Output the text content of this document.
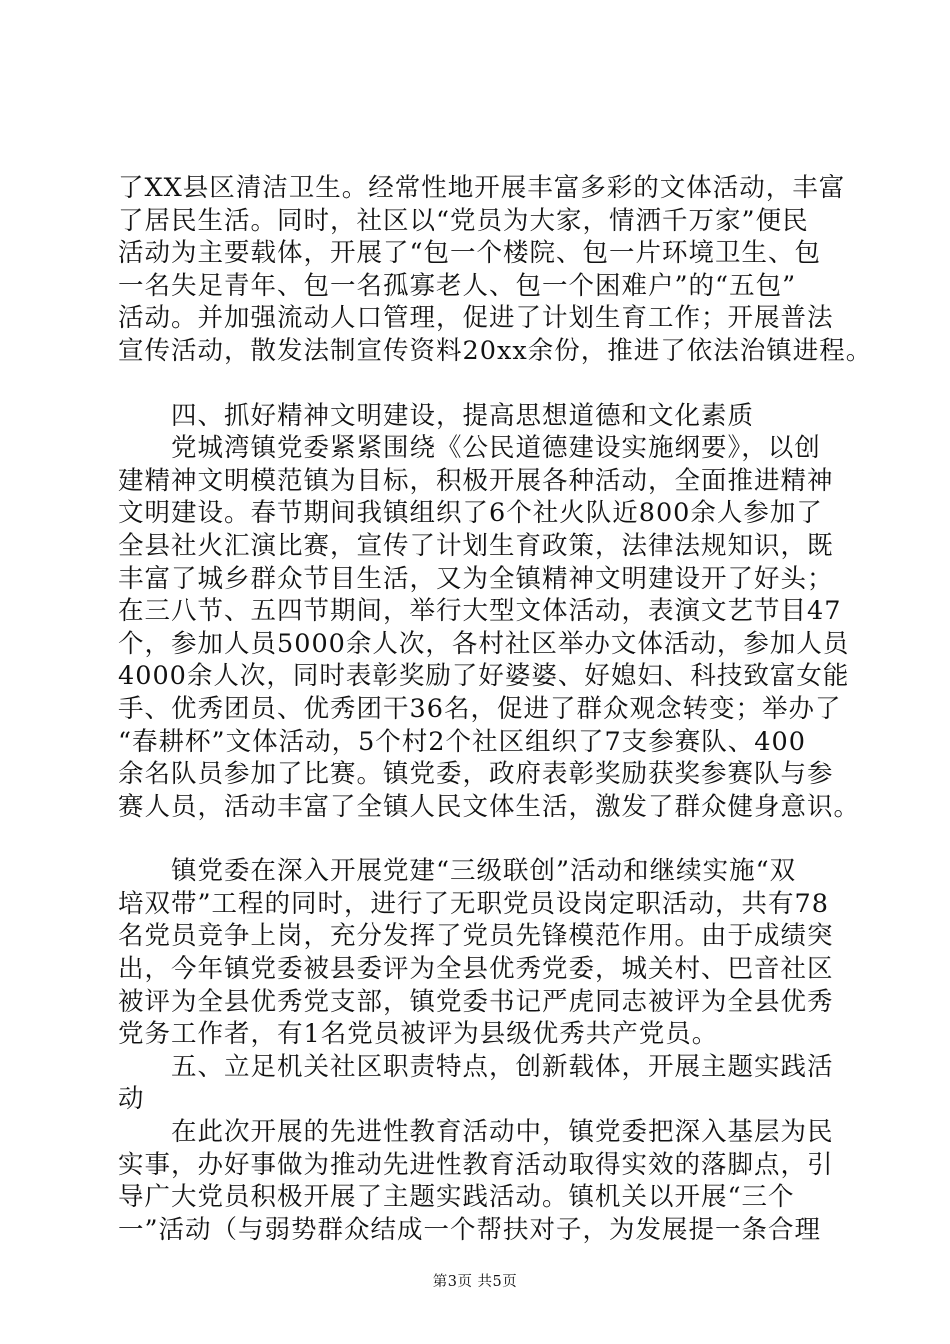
了XX县区清洁卫生。经常性地开展丰富多彩的文体活动，丰富
了居民生活。同时，社区以“党员为大家，情洒千万家”便民
活动为主要载体，开展了“包一个楼院、包一片环境卫生、包
一名失足青年、包一名孤寡老人、包一个困难户”的“五包”
活动。并加强流动人口管理，促进了计划生育工作；开展普法
宣传活动，散发法制宣传资料20xx余份，推进了依法治镇进程。
　　四、抓好精神文明建设，提高思想道德和文化素质
　　党城湾镇党委紧紧围绕《公民道德建设实施纲要》，以创
建精神文明模范镇为目标，积极开展各种活动，全面推进精神
文明建设。春节期间我镇组织了6个社火队近800余人参加了
全县社火汇演比赛，宣传了计划生育政策，法律法规知识，既
丰富了城乡群众节目生活，又为全镇精神文明建设开了好头；
在三八节、五四节期间，举行大型文体活动，表演文艺节目47
个，参加人员5000余人次，各村社区举办文体活动，参加人员
4000余人次，同时表彰奖励了好婆婆、好媳妇、科技致富女能
手、优秀团员、优秀团干36名，促进了群众观念转变；举办了
“春耕杯”文体活动，5个村2个社区组织了7支参赛队、400
余名队员参加了比赛。镇党委，政府表彰奖励获奖参赛队与参
赛人员，活动丰富了全镇人民文体生活，激发了群众健身意识。
　　镇党委在深入开展党建“三级联创”活动和继续实施“双
培双带”工程的同时，进行了无职党员设岗定职活动，共有78
名党员竞争上岗，充分发挥了党员先锋模范作用。由于成绩突
出，今年镇党委被县委评为全县优秀党委，城关村、巴音社区
被评为全县优秀党支部，镇党委书记严虎同志被评为全县优秀
党务工作者，有1名党员被评为县级优秀共产党员。
　　五、立足机关社区职责特点，创新载体，开展主题实践活
动
　　在此次开展的先进性教育活动中，镇党委把深入基层为民
实事，办好事做为推动先进性教育活动取得实效的落脚点，引
导广大党员积极开展了主题实践活动。镇机关以开展“三个
一”活动（与弱势群众结成一个帮扶对子，为发展提一条合理
第3页 共5页
